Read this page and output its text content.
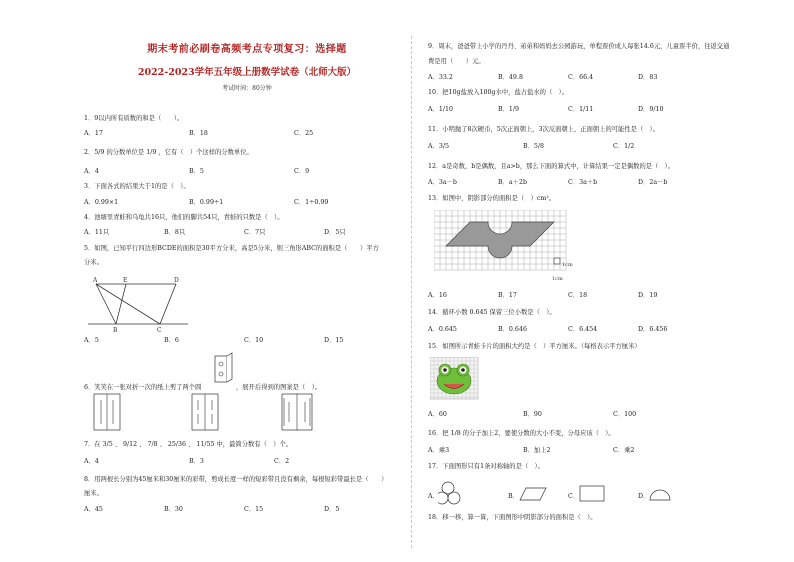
期末考前必刷卷高频考点专项复习：选择题
2022-2023学年五年级上册数学试卷（北师大版）
考试时间：80分钟
1．9以内所有质数的和是（　　）。
A．17	B．18	C．25
2．5/9 的分数单位是 1/9 ，它有（　）个这样的分数单位。
A．4	B．5	C．9
3．下面各式的结果大于1的是（　）。
A．0.99×1	B．0.99÷1	C．1÷0.99
4．池塘里青蛙和乌龟共16只，他们的脚共54只，青蛙的只数是（　）。
A．11只	B．8只	C．7只	D．5只
5．如图，已知平行四边形BCDE的面积是30平方分米，高是5分米，则三角形ABC的面积是（　　）平方
分米。
A	E	D
B	C
A．5	B．6	C．10	D．15
6．笑笑在一张对折一次的纸上剪了两个圆	，展开后得到的图案是（　）。
7．在 3/5 、 9/12 、 7/8 、 25/36 、 11/55 中，最简分数有（　）个。
A．4	B．3	C．2
8．用两根长分别为45厘米和30厘米的彩带，剪成长度一样的短彩带且没有剩余，每根短彩带最长是（　　）
厘米。
A．45	B．30	C．15	D．5
9．周末，爸爸带上小学的丹丹、弟弟和妈妈去公园游玩，单程票价成人每张14.6元，儿童票半价，往返交通
费是用（　　）元。
A．33.2	B．49.8	C．66.4	D．83
10．把10g盐放入100g水中，盐占盐水的（　）。
A．1/10	B．1/9	C．1/11	D．9/10
11．小明抛了8次硬币，5次正面朝上，3次反面朝上，正面朝上的可能性是（　）。
A．3/5	B．5/8	C．1/2
12．a是奇数，b是偶数，且a>b，那么下面的算式中，计算结果一定是偶数的是（　）。
A．3a－b	B．a＋2b	C．3a＋b	D．2a－b
13．如图中，阴影部分的面积是（　）cm²。
1cm
1cm
A．16	B．17	C．18	D．19
14．循环小数 0.645 保留三位小数是（　）。
A．0.645	B．0.646	C．6.454	D．6.456
15．如图所示青蛙卡片的面积大约是（　）平方厘米。（每格表示平方厘米）
A．60	B．90	C．100
16．把 1/8 的分子加上2，要使分数的大小不变，分母应该（　）。
A．乘3	B．加上2	C．乘2
17．下面图形只有1条对称轴的是（　）。
A．	B．	C．	D．
18．移一移，算一算，下面图形中阴影部分的面积是（　）。
